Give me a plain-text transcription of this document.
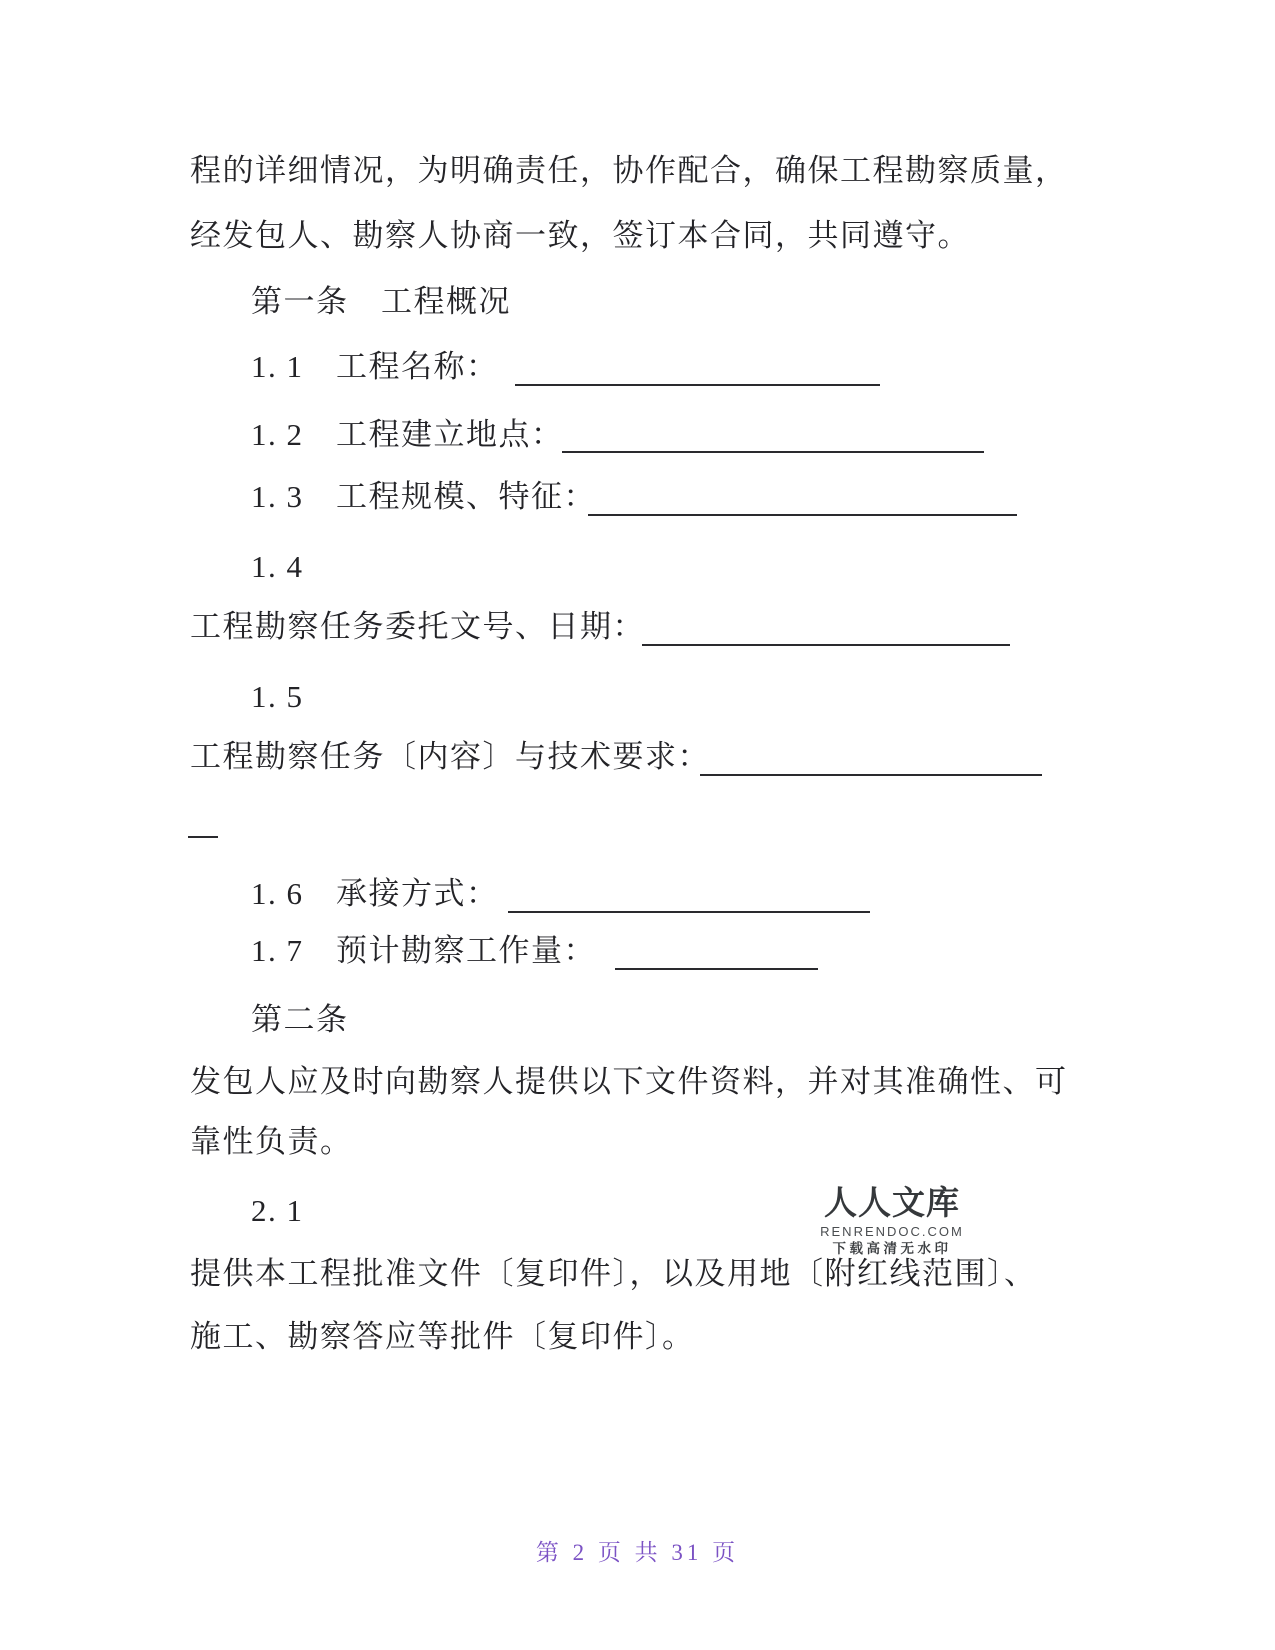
程的详细情况，为明确责任，协作配合，确保工程勘察质量，
经发包人、勘察人协商一致，签订本合同，共同遵守。
第一条　工程概况
1. 1　工程名称：
1. 2　工程建立地点：
1. 3　工程规模、特征：
1. 4
工程勘察任务委托文号、日期：
1. 5
工程勘察任务〔内容〕与技术要求：
1. 6　承接方式：
1. 7　预计勘察工作量：
第二条
发包人应及时向勘察人提供以下文件资料，并对其准确性、可
靠性负责。
2. 1
提供本工程批准文件〔复印件〕，以及用地〔附红线范围〕、
施工、勘察答应等批件〔复印件〕。
人人文库
RENRENDOC.COM
下载高清无水印
第 2 页 共 31 页
